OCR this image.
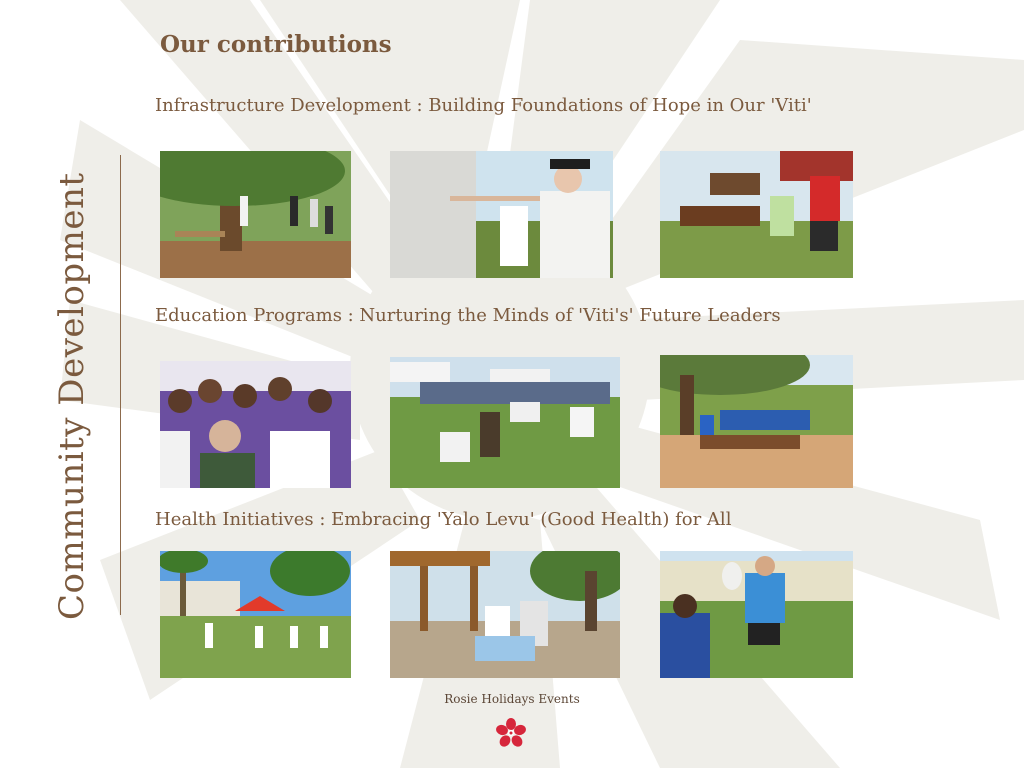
Our contributions
Community Development
Infrastructure Development : Building Foundations of Hope in Our 'Viti'
Education Programs : Nurturing the Minds of 'Viti's' Future Leaders
Health Initiatives : Embracing 'Yalo Levu' (Good Health) for All
Rosie Holidays Events
